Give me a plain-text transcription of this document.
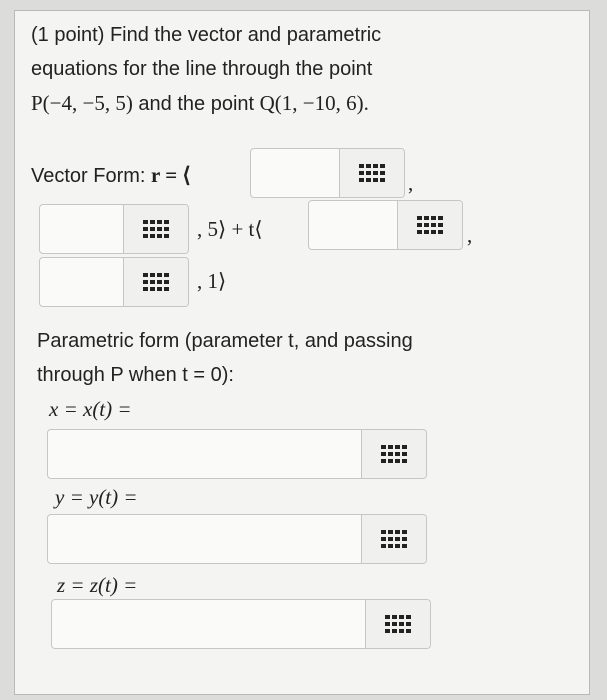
(1 point) Find the vector and parametric
equations for the line through the point
P(−4, −5, 5) and the point Q(1, −10, 6).
Vector Form: r = ⟨	,
, 5⟩ + t⟨	,
, 1⟩
Parametric form (parameter t, and passing
through P when t = 0):
x = x(t) =
y = y(t) =
z = z(t) =
